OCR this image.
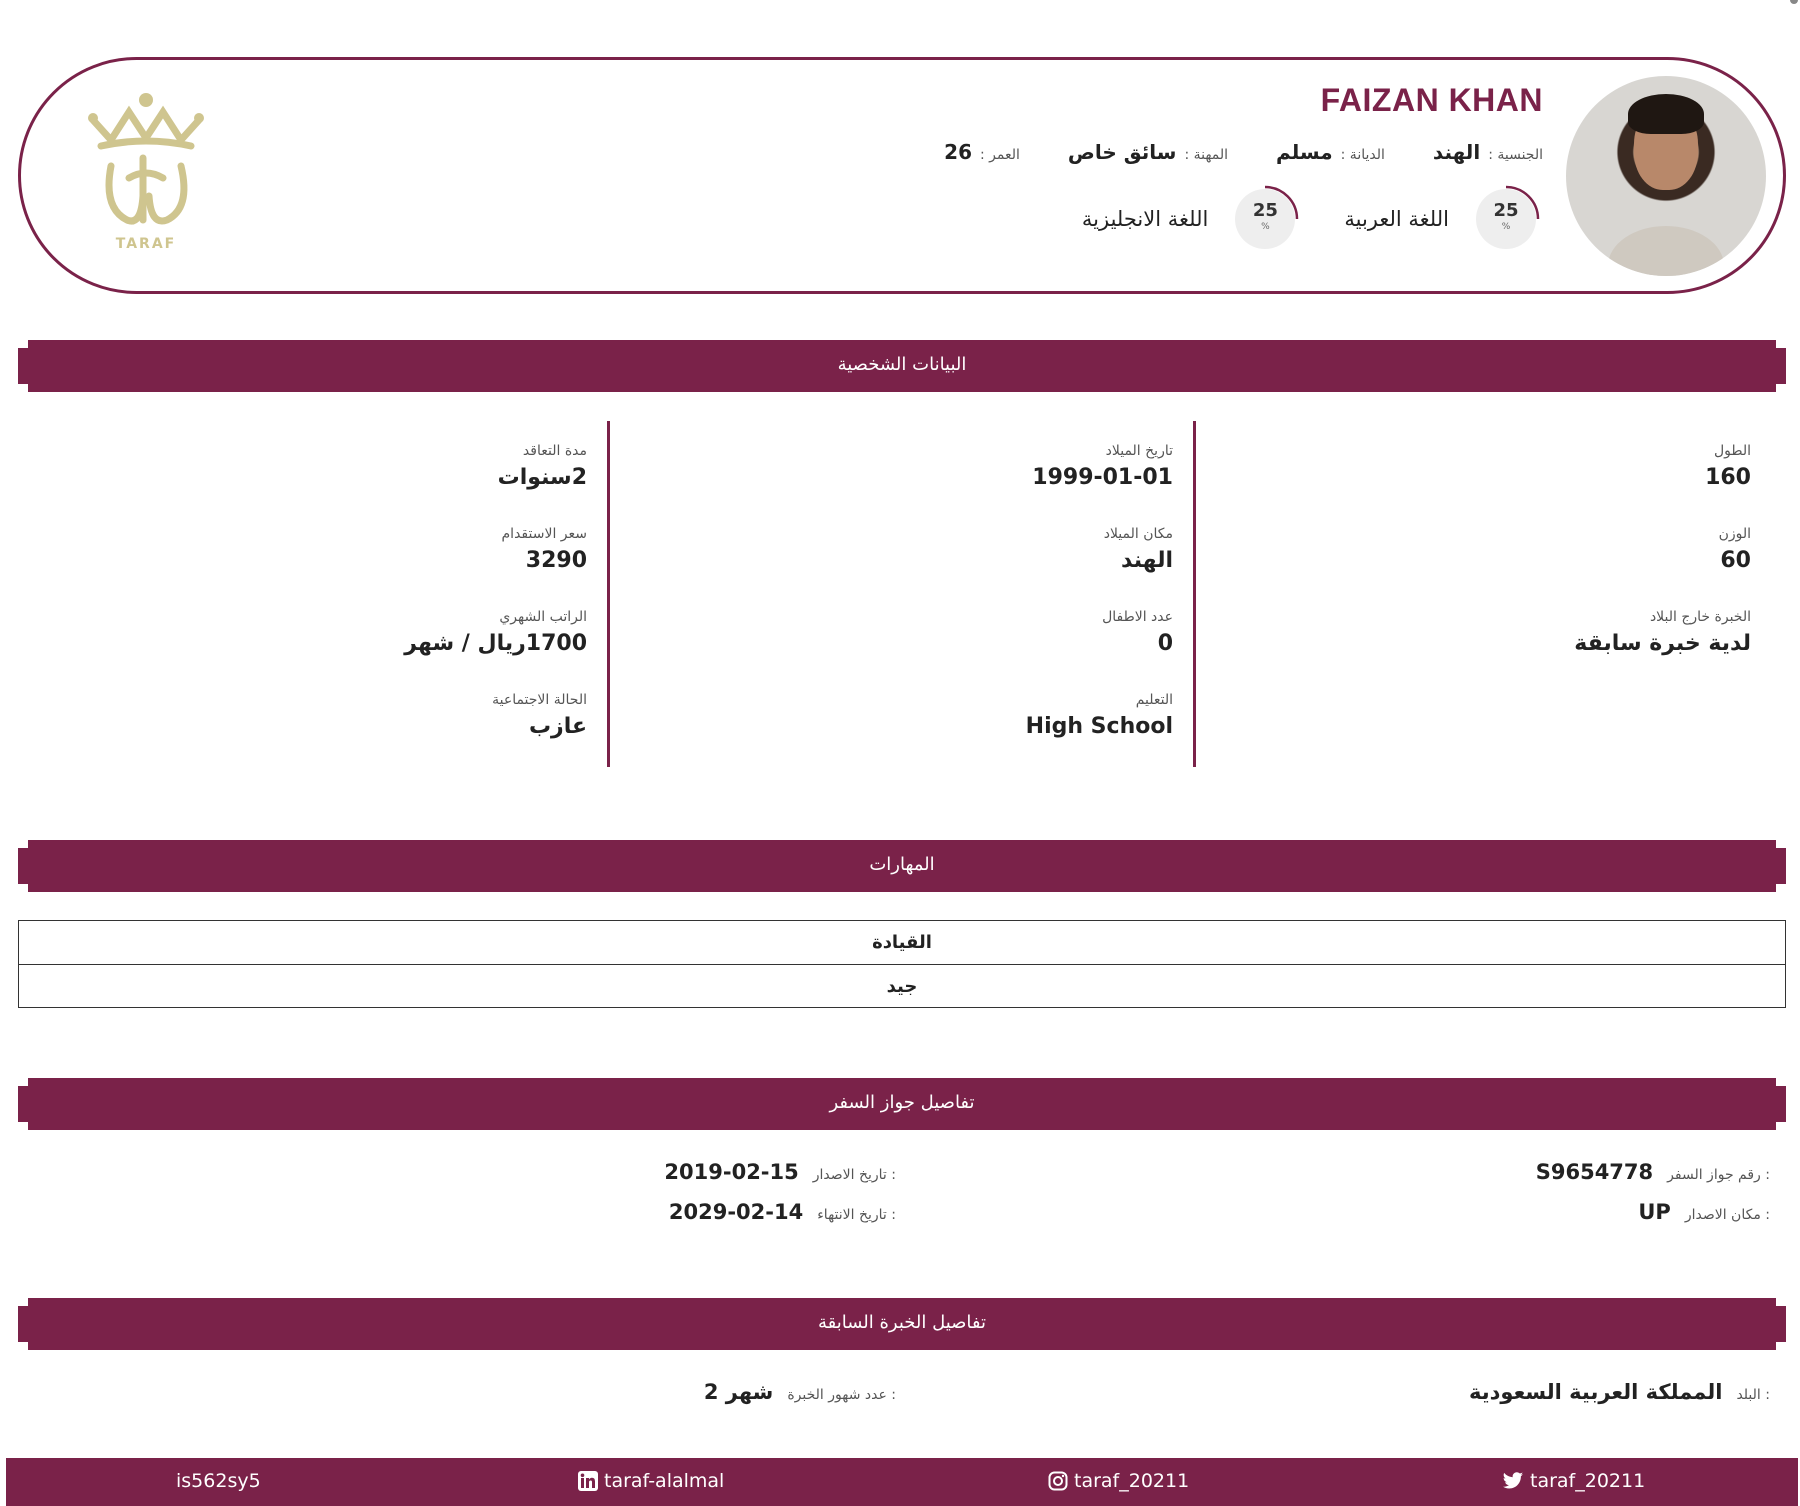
FAIZAN KHAN
الجنسية :
الهند
الديانة :
مسلم
المهنة :
سائق خاص
العمر :
26
25
%
اللغة العربية
25
%
اللغة الانجليزية
TARAF
البيانات الشخصية
مدة التعاقد
2سنوات
سعر الاستقدام
3290
الراتب الشهري
1700ريال / شهر
الحالة الاجتماعية
عازب
تاريخ الميلاد
1999-01-01
مكان الميلاد
الهند
عدد الاطفال
0
التعليم
High School
الطول
160
الوزن
60
الخبرة خارج البلاد
لدية خبرة سابقة
المهارات
القيادة
جيد
تفاصيل جواز السفر
رقم جواز السفر :
S9654778
مكان الاصدار :
UP
تاريخ الاصدار :
2019-02-15
تاريخ الانتهاء :
2029-02-14
تفاصيل الخبرة السابقة
البلد :
المملكة العربية السعودية
عدد شهور الخبرة :
2 شهر
is562sy5	taraf-alalmal	taraf_20211	taraf_20211
